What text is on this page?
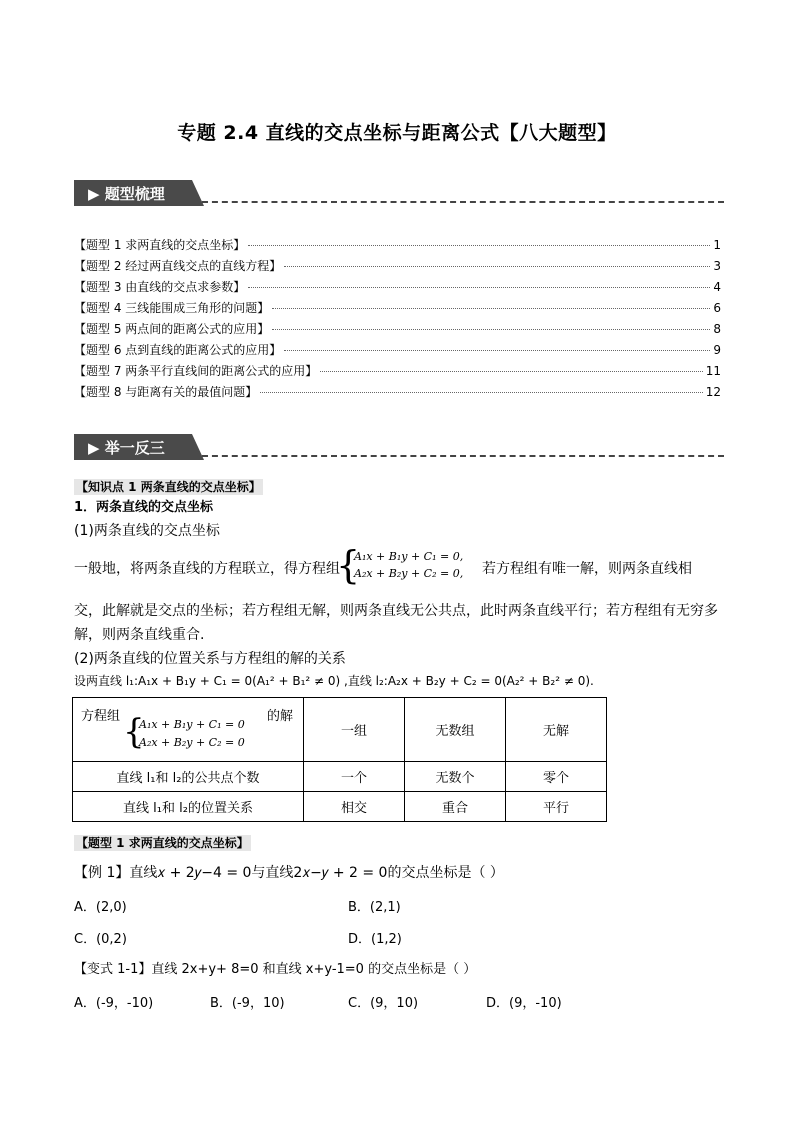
专题 2.4 直线的交点坐标与距离公式【八大题型】
▶ 题型梳理
【题型 1 求两直线的交点坐标】	1
【题型 2 经过两直线交点的直线方程】	3
【题型 3 由直线的交点求参数】	4
【题型 4 三线能围成三角形的问题】	6
【题型 5 两点间的距离公式的应用】	8
【题型 6 点到直线的距离公式的应用】	9
【题型 7 两条平行直线间的距离公式的应用】	11
【题型 8 与距离有关的最值问题】	12
▶ 举一反三
【知识点 1 两条直线的交点坐标】
1．两条直线的交点坐标
(1)两条直线的交点坐标
一般地，将两条直线的方程联立，得方程组
{
A₁x + B₁y + C₁ = 0,
A₂x + B₂y + C₂ = 0, 若方程组有唯一解，则两条直线相
交，此解就是交点的坐标；若方程组无解，则两条直线无公共点，此时两条直线平行；若方程组有无穷多
解，则两条直线重合.
(2)两条直线的位置关系与方程组的解的关系
设两直线 l₁:A₁x + B₁y + C₁ = 0(A₁² + B₁² ≠ 0) ,直线 l₂:A₂x + B₂y + C₂ = 0(A₂² + B₂² ≠ 0).
方程组 {
A₁x + B₁y + C₁ = 0
A₂x + B₂y + C₂ = 0
的解	一组	无数组	无解
直线 l₁和 l₂的公共点个数	一个	无数个	零个
直线 l₁和 l₂的位置关系	相交	重合	平行
【题型 1 求两直线的交点坐标】
【例 1】直线𝑥 + 2𝑦−4 = 0与直线2𝑥−𝑦 + 2 = 0的交点坐标是（ ）
A．(2,0)	B．(2,1)
C．(0,2)	D．(1,2)
【变式 1-1】直线 2x+y+ 8=0 和直线 x+y-1=0 的交点坐标是（ ）
A．(-9，-10)	B．(-9，10)	C．(9，10)	D．(9，-10)
